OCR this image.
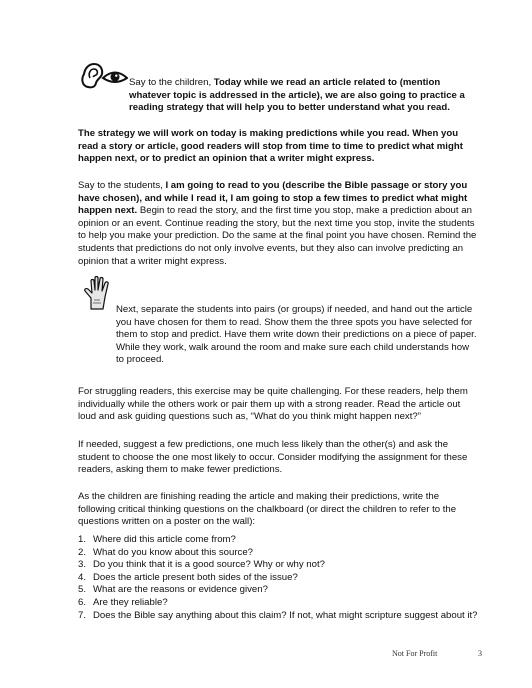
Say to the children, Today while we read an article related to (mention whatever topic is addressed in the article), we are also going to practice a reading strategy that will help you to better understand what you read.

The strategy we will work on today is making predictions while you read. When you read a story or article, good readers will stop from time to time to predict what might happen next, or to predict an opinion that a writer might express.

Say to the students, I am going to read to you (describe the Bible passage or story you have chosen), and while I read it, I am going to stop a few times to predict what might happen next. Begin to read the story, and the first time you stop, make a prediction about an opinion or an event. Continue reading the story, but the next time you stop, invite the students to help you make your prediction. Do the same at the final point you have chosen. Remind the students that predictions do not only involve events, but they also can involve predicting an opinion that a writer might express.

Next, separate the students into pairs (or groups) if needed, and hand out the article you have chosen for them to read. Show them the three spots you have selected for them to stop and predict. Have them write down their predictions on a piece of paper. While they work, walk around the room and make sure each child understands how to proceed.

For struggling readers, this exercise may be quite challenging. For these readers, help them individually while the others work or pair them up with a strong reader. Read the article out loud and ask guiding questions such as, “What do you think might happen next?”

If needed, suggest a few predictions, one much less likely than the other(s) and ask the student to choose the one most likely to occur. Consider modifying the assignment for these readers, asking them to make fewer predictions.

As the children are finishing reading the article and making their predictions, write the following critical thinking questions on the chalkboard (or direct the children to refer to the questions written on a poster on the wall):

1. Where did this article come from?
2. What do you know about this source?
3. Do you think that it is a good source? Why or why not?
4. Does the article present both sides of the issue?
5. What are the reasons or evidence given?
6. Are they reliable?
7. Does the Bible say anything about this claim? If not, what might scripture suggest about it?
Not For Profit	3
